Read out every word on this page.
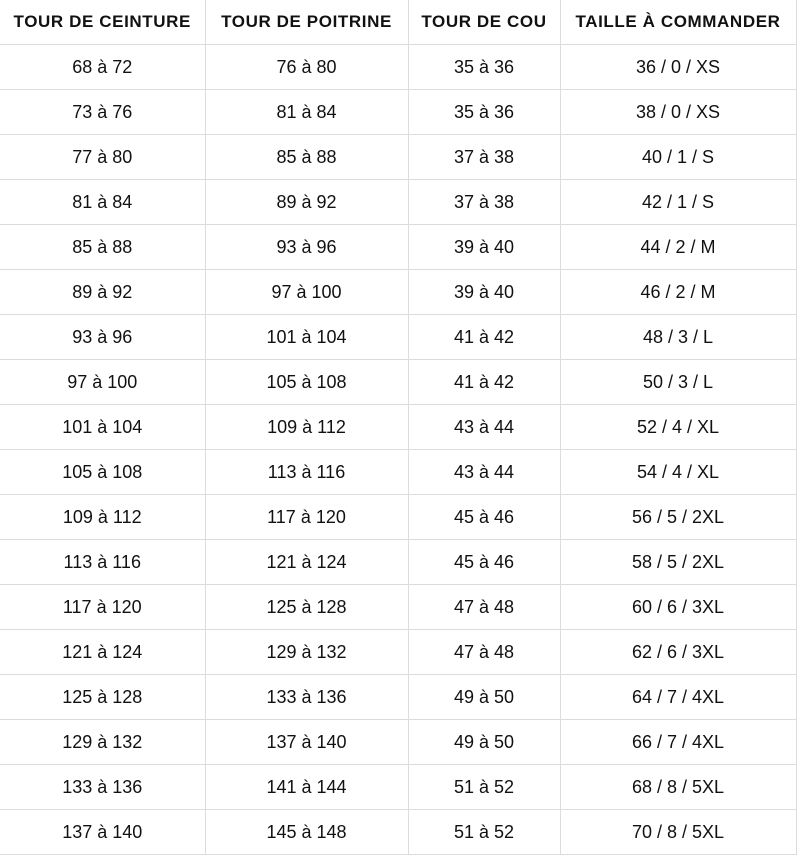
TOUR DE CEINTURE	TOUR DE POITRINE	TOUR DE COU	TAILLE À COMMANDER
68 à 72	76 à 80	35 à 36	36 / 0 / XS
73 à 76	81 à 84	35 à 36	38 / 0 / XS
77 à 80	85 à 88	37 à 38	40 / 1 / S
81 à 84	89 à 92	37 à 38	42 / 1 / S
85 à 88	93 à 96	39 à 40	44 / 2 / M
89 à 92	97 à 100	39 à 40	46 / 2 / M
93 à 96	101 à 104	41 à 42	48 / 3 / L
97 à 100	105 à 108	41 à 42	50 / 3 / L
101 à 104	109 à 112	43 à 44	52 / 4 / XL
105 à 108	113 à 116	43 à 44	54 / 4 / XL
109 à 112	117 à 120	45 à 46	56 / 5 / 2XL
113 à 116	121 à 124	45 à 46	58 / 5 / 2XL
117 à 120	125 à 128	47 à 48	60 / 6 / 3XL
121 à 124	129 à 132	47 à 48	62 / 6 / 3XL
125 à 128	133 à 136	49 à 50	64 / 7 / 4XL
129 à 132	137 à 140	49 à 50	66 / 7 / 4XL
133 à 136	141 à 144	51 à 52	68 / 8 / 5XL
137 à 140	145 à 148	51 à 52	70 / 8 / 5XL
